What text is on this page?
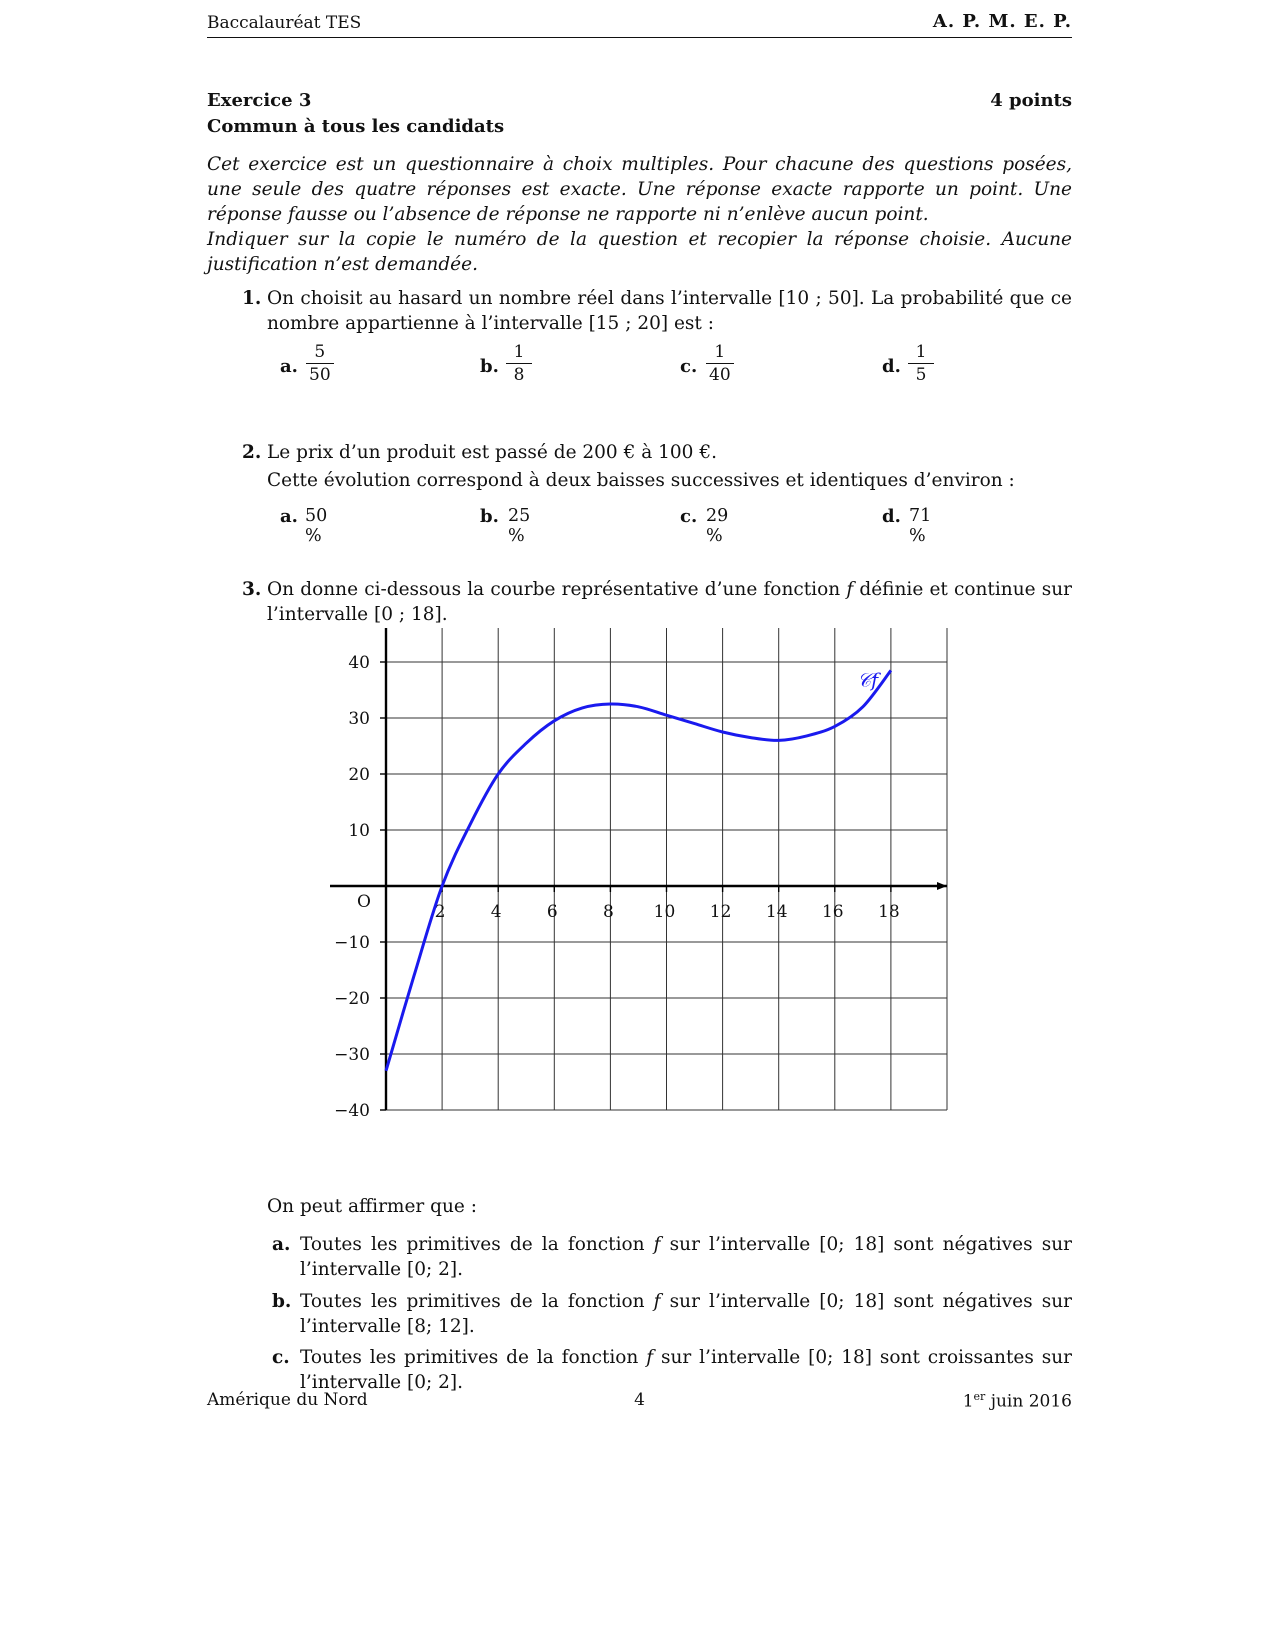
Baccalauréat TES	A. P. M. E. P.
Exercice 3	4 points
Commun à tous les candidats

Cet exercice est un questionnaire à choix multiples. Pour chacune des questions posées, une seule des quatre réponses est exacte. Une réponse exacte rapporte un point. Une réponse fausse ou l’absence de réponse ne rapporte ni n’enlève aucun point.

Indiquer sur la copie le numéro de la question et recopier la réponse choisie. Aucune justification n’est demandée.

1. On choisit au hasard un nombre réel dans l’intervalle [10 ; 50]. La probabilité que ce nombre appartienne à l’intervalle [15 ; 20] est :

a. $\frac{5}{50}$	b. $\frac{1}{8}$	c. $\frac{1}{40}$	d. $\frac{1}{5}$
2. Le prix d’un produit est passé de 200 € à 100 €.

Cette évolution correspond à deux baisses successives et identiques d’environ :

a. 50 %
b. 25 %
c. 29 %
d. 71 %
3. On donne ci-dessous la courbe représentative d’une fonction f définie et continue sur l’intervalle [0 ; 18].

40
30
20
10
−10
−20
−30
−40
2	4	6	8 10 12 14 16 18
O
𝒞f

On peut affirmer que :

a. Toutes les primitives de la fonction f sur l’intervalle [0; 18] sont négatives sur l’intervalle [0; 2].
b. Toutes les primitives de la fonction f sur l’intervalle [0; 18] sont négatives sur l’intervalle [8; 12].
c. Toutes les primitives de la fonction f sur l’intervalle [0; 18] sont croissantes sur l’intervalle [0; 2].
Amérique du Nord	4	1er juin 2016
